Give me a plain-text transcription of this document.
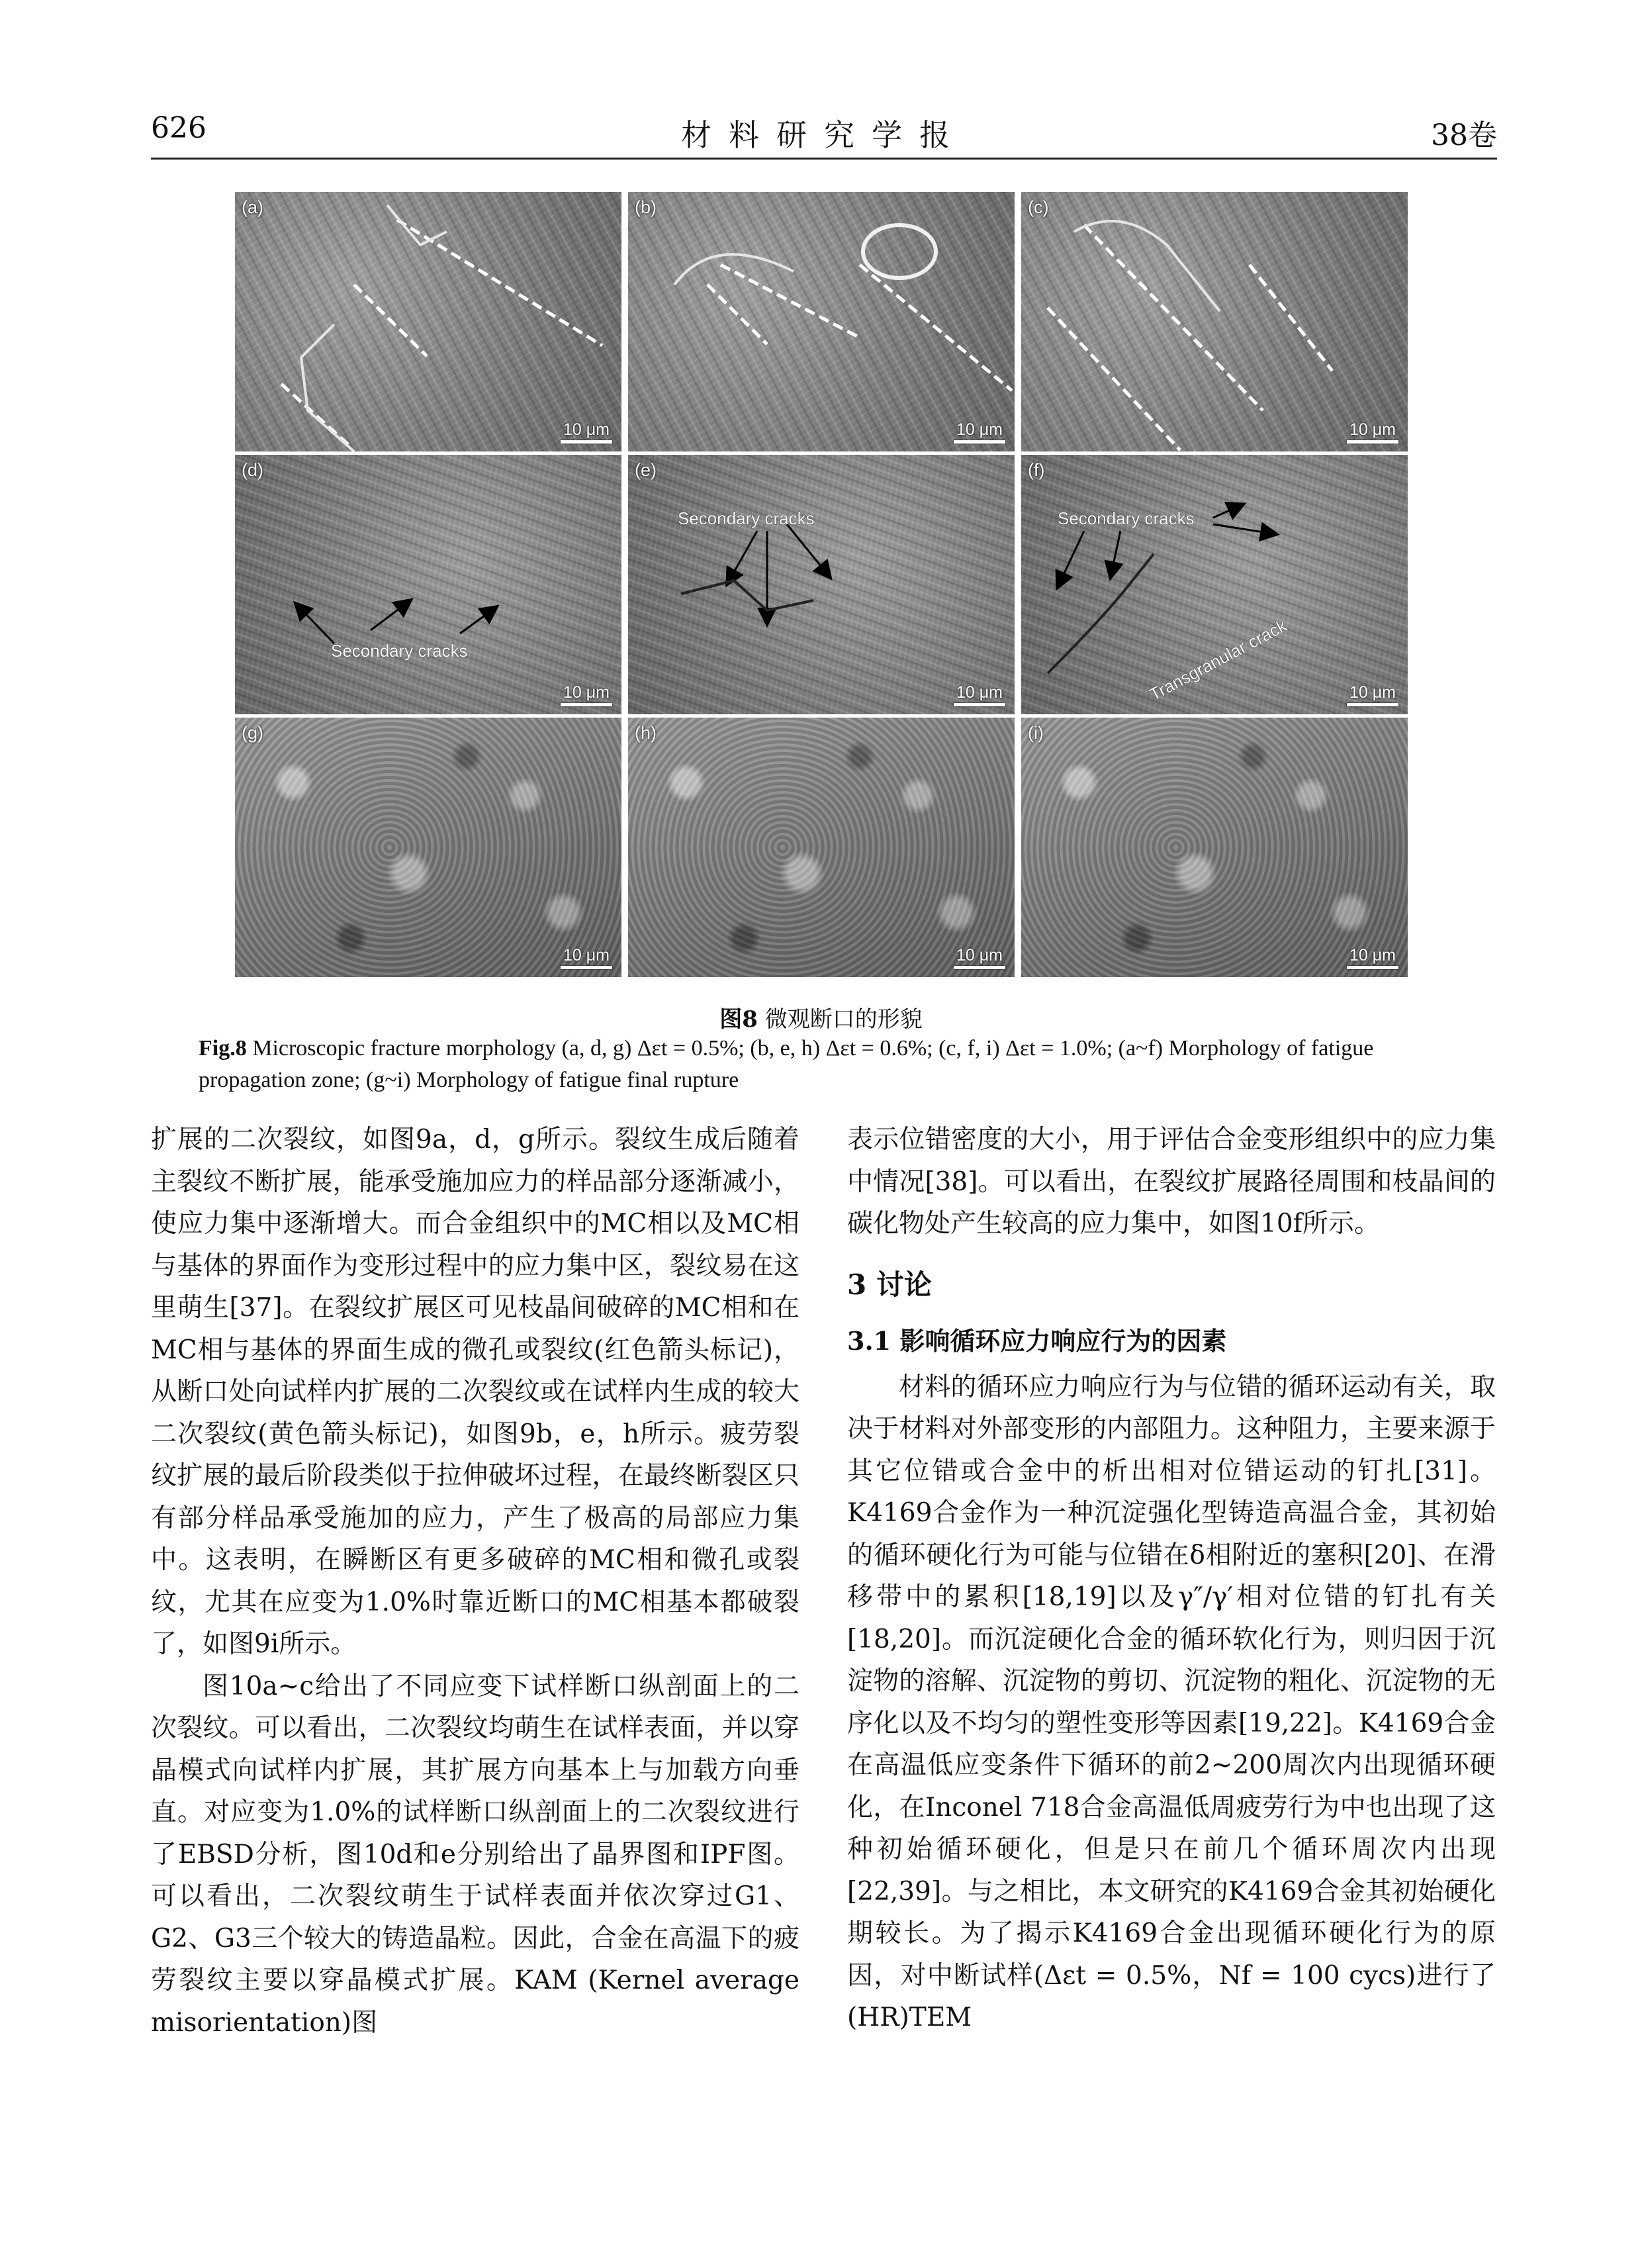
626	材料研究学报	38卷
(a)
10 μm
(b)
10 μm
(c)
10 μm
Secondary cracks
(d)
10 μm
Secondary cracks
(e)
10 μm
Secondary cracks
Transgranular crack
(f)
10 μm
(g)
10 μm
(h)
10 μm
(i)
10 μm
图8 微观断口的形貌
Fig.8 Microscopic fracture morphology (a, d, g) Δεt = 0.5%; (b, e, h) Δεt = 0.6%; (c, f, i) Δεt = 1.0%; (a~f) Morphology of fatigue propagation zone; (g~i) Morphology of fatigue final rupture

扩展的二次裂纹，如图9a，d，g所示。裂纹生成后随着主裂纹不断扩展，能承受施加应力的样品部分逐渐减小，使应力集中逐渐增大。而合金组织中的MC相以及MC相与基体的界面作为变形过程中的应力集中区，裂纹易在这里萌生[37]。在裂纹扩展区可见枝晶间破碎的MC相和在MC相与基体的界面生成的微孔或裂纹(红色箭头标记)，从断口处向试样内扩展的二次裂纹或在试样内生成的较大二次裂纹(黄色箭头标记)，如图9b，e，h所示。疲劳裂纹扩展的最后阶段类似于拉伸破坏过程，在最终断裂区只有部分样品承受施加的应力，产生了极高的局部应力集中。这表明，在瞬断区有更多破碎的MC相和微孔或裂纹，尤其在应变为1.0%时靠近断口的MC相基本都破裂了，如图9i所示。

图10a~c给出了不同应变下试样断口纵剖面上的二次裂纹。可以看出，二次裂纹均萌生在试样表面，并以穿晶模式向试样内扩展，其扩展方向基本上与加载方向垂直。对应变为1.0%的试样断口纵剖面上的二次裂纹进行了EBSD分析，图10d和e分别给出了晶界图和IPF图。可以看出，二次裂纹萌生于试样表面并依次穿过G1、G2、G3三个较大的铸造晶粒。因此，合金在高温下的疲劳裂纹主要以穿晶模式扩展。KAM (Kernel average misorientation)图

表示位错密度的大小，用于评估合金变形组织中的应力集中情况[38]。可以看出，在裂纹扩展路径周围和枝晶间的碳化物处产生较高的应力集中，如图10f所示。

3 讨论
3.1 影响循环应力响应行为的因素

材料的循环应力响应行为与位错的循环运动有关，取决于材料对外部变形的内部阻力。这种阻力，主要来源于其它位错或合金中的析出相对位错运动的钉扎[31]。K4169合金作为一种沉淀强化型铸造高温合金，其初始的循环硬化行为可能与位错在δ相附近的塞积[20]、在滑移带中的累积[18,19]以及γ″/γ′相对位错的钉扎有关[18,20]。而沉淀硬化合金的循环软化行为，则归因于沉淀物的溶解、沉淀物的剪切、沉淀物的粗化、沉淀物的无序化以及不均匀的塑性变形等因素[19,22]。K4169合金在高温低应变条件下循环的前2~200周次内出现循环硬化，在Inconel 718合金高温低周疲劳行为中也出现了这种初始循环硬化，但是只在前几个循环周次内出现[22,39]。与之相比，本文研究的K4169合金其初始硬化期较长。为了揭示K4169合金出现循环硬化行为的原因，对中断试样(Δεt = 0.5%，Nf = 100 cycs)进行了(HR)TEM
